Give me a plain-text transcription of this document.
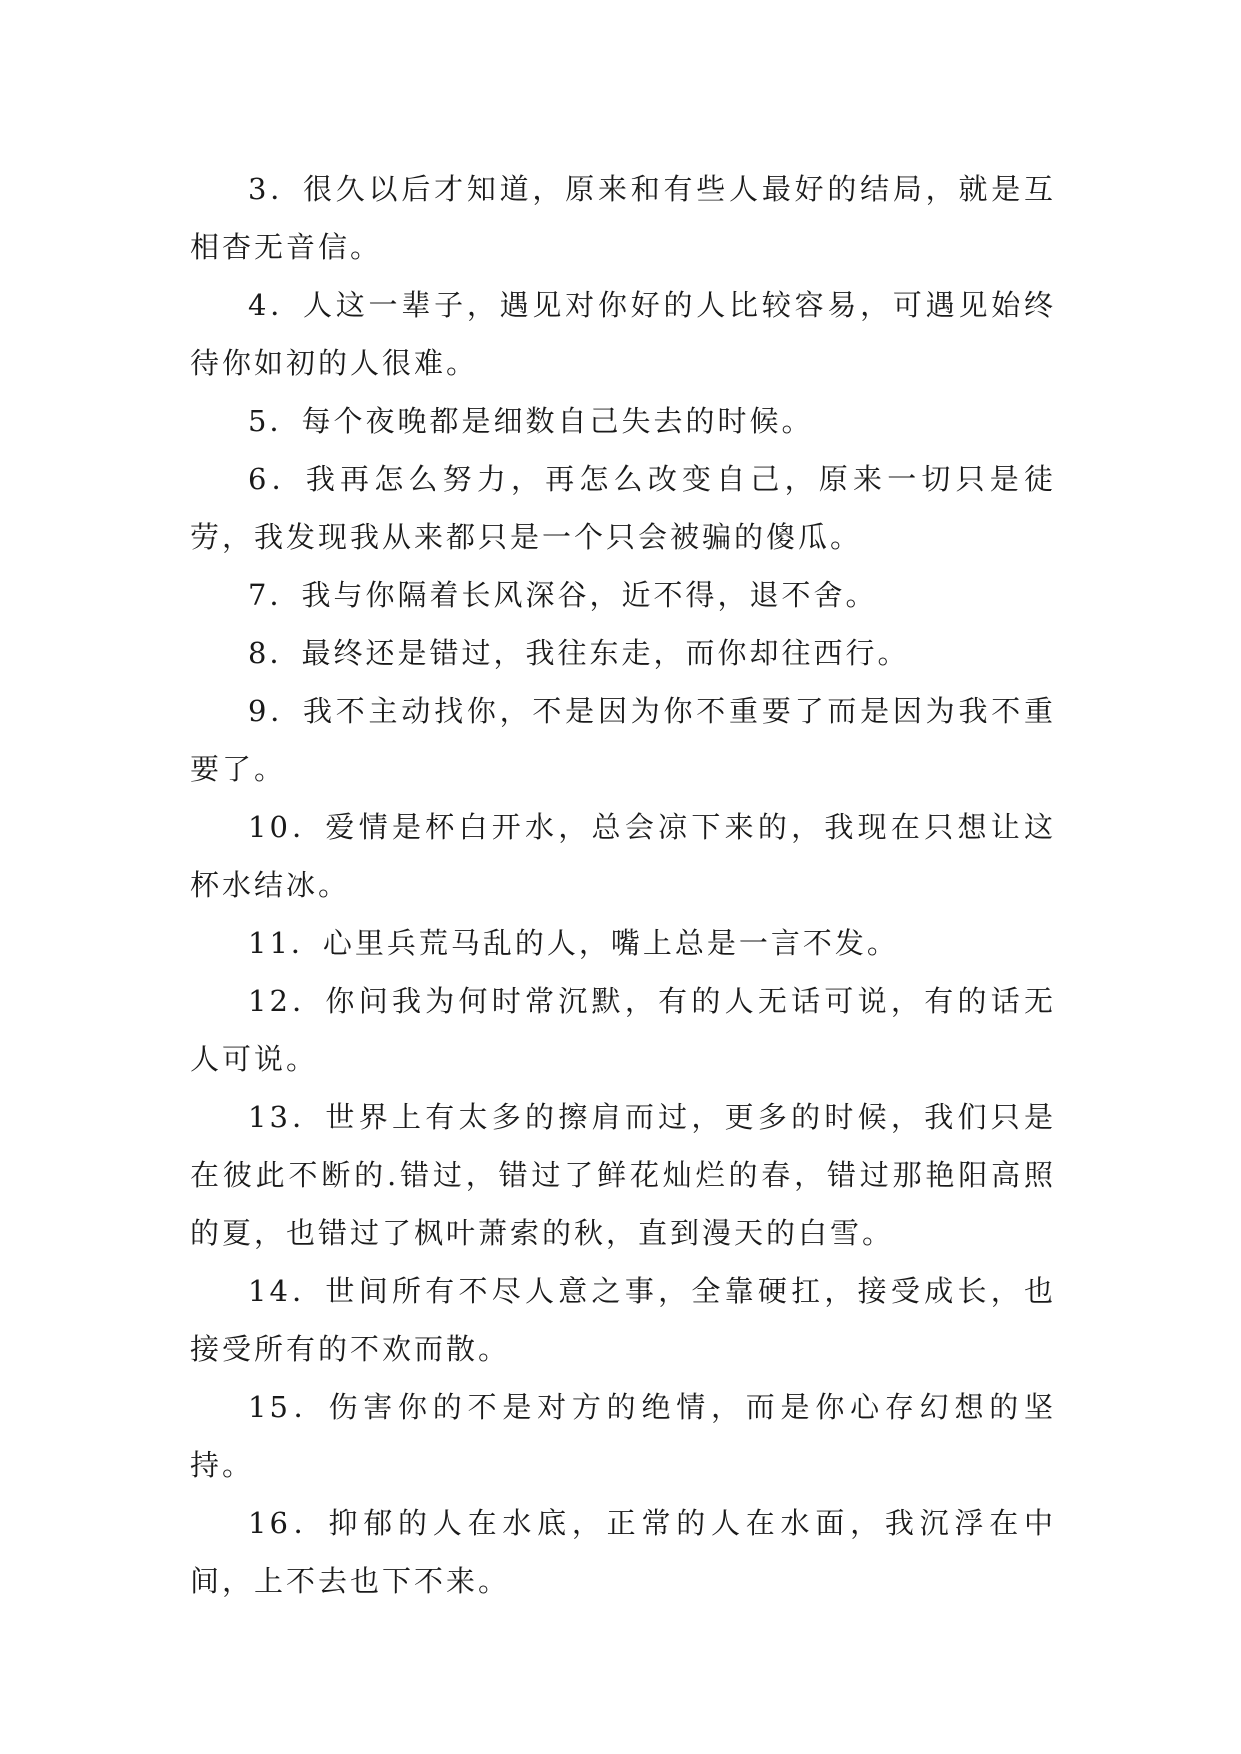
3．很久以后才知道，原来和有些人最好的结局，就是互相杳无音信。

4．人这一辈子，遇见对你好的人比较容易，可遇见始终待你如初的人很难。

5．每个夜晚都是细数自己失去的时候。

6．我再怎么努力，再怎么改变自己，原来一切只是徒劳，我发现我从来都只是一个只会被骗的傻瓜。

7．我与你隔着长风深谷，近不得，退不舍。

8．最终还是错过，我往东走，而你却往西行。

9．我不主动找你，不是因为你不重要了而是因为我不重要了。

10．爱情是杯白开水，总会凉下来的，我现在只想让这杯水结冰。

11．心里兵荒马乱的人，嘴上总是一言不发。

12．你问我为何时常沉默，有的人无话可说，有的话无人可说。

13．世界上有太多的擦肩而过，更多的时候，我们只是在彼此不断的.错过，错过了鲜花灿烂的春，错过那艳阳高照的夏，也错过了枫叶萧索的秋，直到漫天的白雪。

14．世间所有不尽人意之事，全靠硬扛，接受成长，也接受所有的不欢而散。

15．伤害你的不是对方的绝情，而是你心存幻想的坚持。

16．抑郁的人在水底，正常的人在水面，我沉浮在中间，上不去也下不来。
